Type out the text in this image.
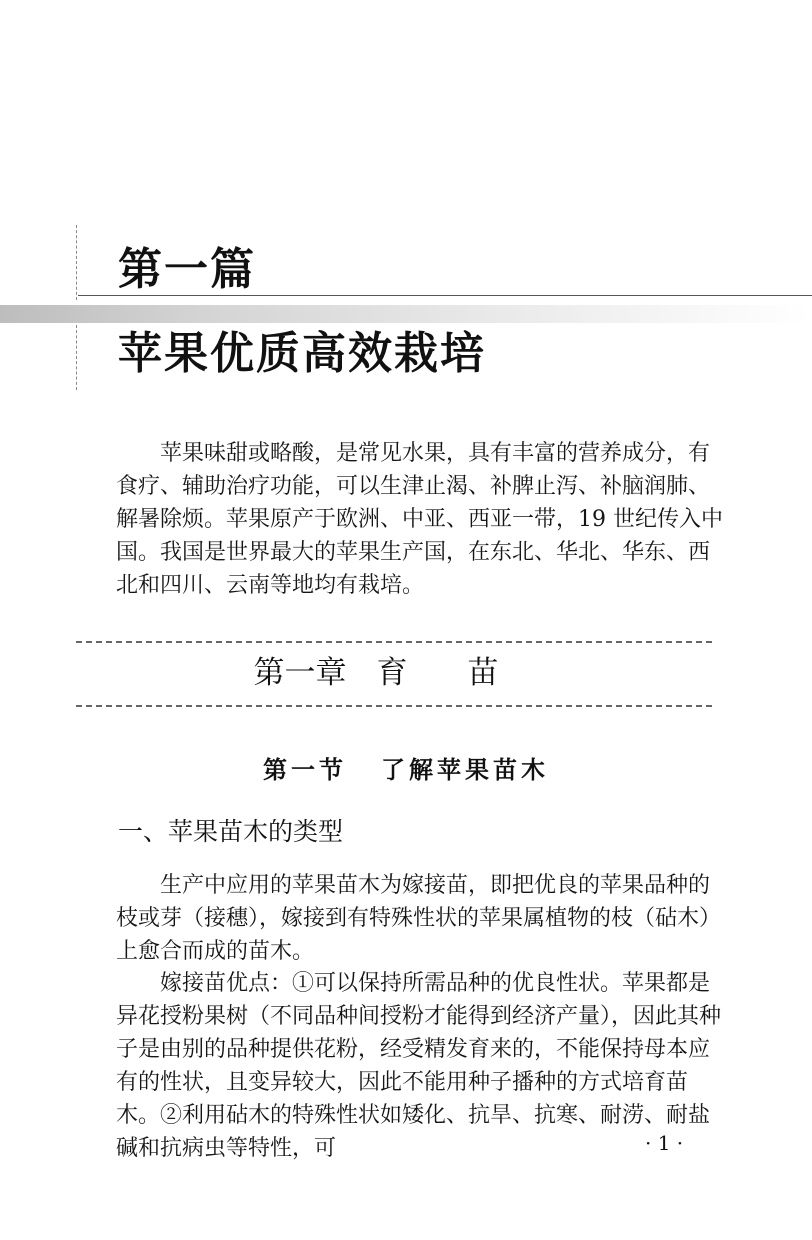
第一篇
苹果优质高效栽培
　　苹果味甜或略酸，是常见水果，具有丰富的营养成分，有食疗、辅助治疗功能，可以生津止渴、补脾止泻、补脑润肺、解暑除烦。苹果原产于欧洲、中亚、西亚一带，19 世纪传入中国。我国是世界最大的苹果生产国，在东北、华北、华东、西北和四川、云南等地均有栽培。
第一章 育苗
第一节 了解苹果苗木
一、苹果苗木的类型
　　生产中应用的苹果苗木为嫁接苗，即把优良的苹果品种的枝或芽（接穗），嫁接到有特殊性状的苹果属植物的枝（砧木）上愈合而成的苗木。
　　嫁接苗优点：①可以保持所需品种的优良性状。苹果都是异花授粉果树（不同品种间授粉才能得到经济产量），因此其种子是由别的品种提供花粉，经受精发育来的，不能保持母本应有的性状，且变异较大，因此不能用种子播种的方式培育苗木。②利用砧木的特殊性状如矮化、抗旱、抗寒、耐涝、耐盐碱和抗病虫等特性，可	· 1 ·
